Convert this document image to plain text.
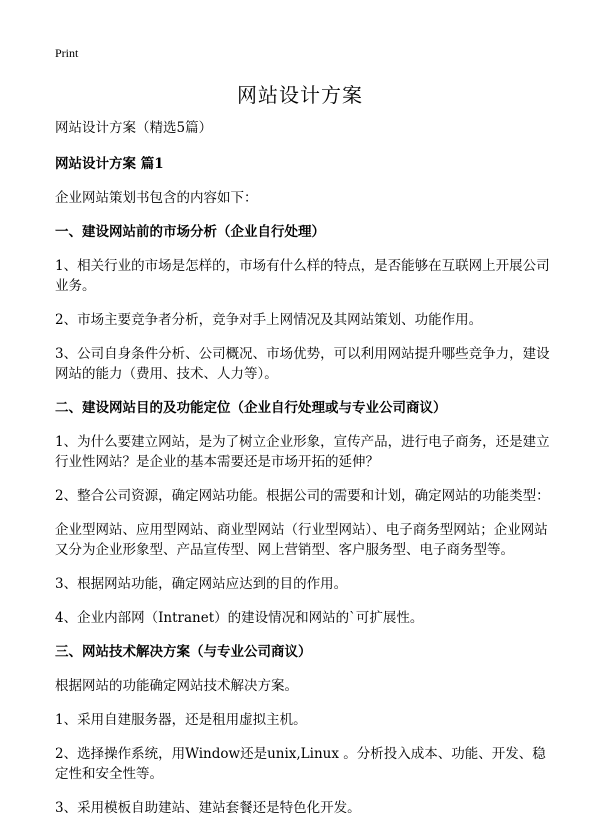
Print

网站设计方案

网站设计方案（精选5篇）

网站设计方案 篇1

企业网站策划书包含的内容如下：

一、建设网站前的市场分析（企业自行处理）

1、相关行业的市场是怎样的，市场有什么样的特点，是否能够在互联网上开展公司业务。

2、市场主要竞争者分析，竞争对手上网情况及其网站策划、功能作用。

3、公司自身条件分析、公司概况、市场优势，可以利用网站提升哪些竞争力，建设网站的能力（费用、技术、人力等）。

二、建设网站目的及功能定位（企业自行处理或与专业公司商议）

1、为什么要建立网站，是为了树立企业形象，宣传产品，进行电子商务，还是建立行业性网站？是企业的基本需要还是市场开拓的延伸？

2、整合公司资源，确定网站功能。根据公司的需要和计划，确定网站的功能类型：

企业型网站、应用型网站、商业型网站（行业型网站）、电子商务型网站；企业网站又分为企业形象型、产品宣传型、网上营销型、客户服务型、电子商务型等。

3、根据网站功能，确定网站应达到的目的作用。

4、企业内部网（Intranet）的建设情况和网站的`可扩展性。

三、网站技术解决方案（与专业公司商议）

根据网站的功能确定网站技术解决方案。

1、采用自建服务器，还是租用虚拟主机。

2、选择操作系统，用Window还是unix,Linux 。分析投入成本、功能、开发、稳定性和安全性等。

3、采用模板自助建站、建站套餐还是特色化开发。
